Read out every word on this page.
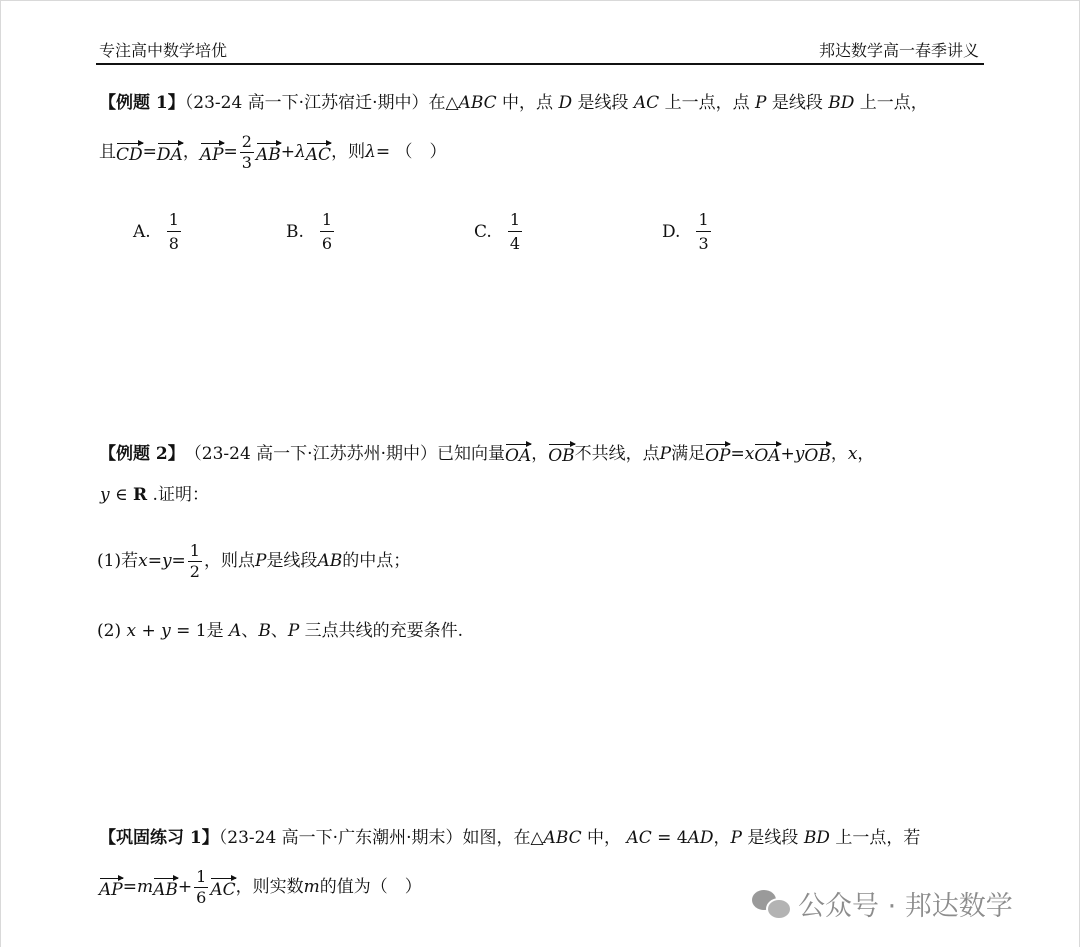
专注高中数学培优	邦达数学高一春季讲义
【例题 1】（23-24 高一下·江苏宿迁·期中）在△ABC 中，点 D 是线段 AC 上一点，点 P 是线段 BD 上一点，
且 CD = DA ， AP = $\frac{2}{3}$ AB + λ AC ，则 λ = （　）
A. $\frac{1}{8}$	B. $\frac{1}{6}$	C. $\frac{1}{4}$	D. $\frac{1}{3}$
【例题 2】 （23-24 高一下·江苏苏州·期中）已知向量 OA ， OB 不共线，点 P 满足 OP = x OA + y OB ， x ，
y ∈ R .证明：
(1)若 $x = y = \frac{1}{2}$ ，则点 P 是线段 AB 的中点；
(2) x + y = 1是 A、B、P 三点共线的充要条件.
【巩固练习 1】（23-24 高一下·广东潮州·期末）如图，在△ABC 中， AC = 4AD，P 是线段 BD 上一点，若
AP = m AB + $\frac{1}{6}$ AC ，则实数 m 的值为（　）
公众号 · 邦达数学
